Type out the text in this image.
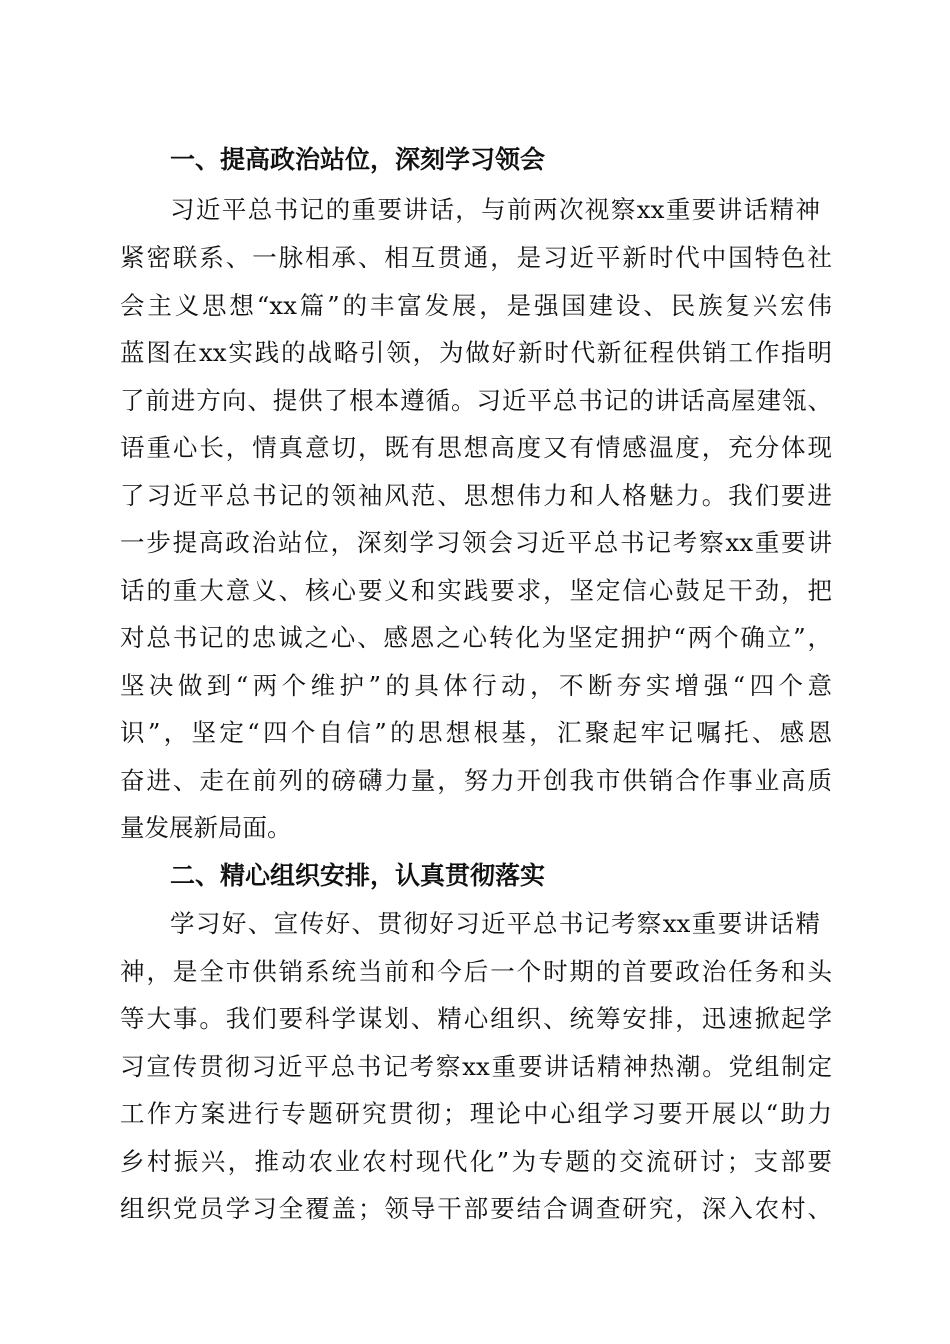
一、提高政治站位，深刻学习领会
习近平总书记的重要讲话，与前两次视察xx重要讲话精神
紧密联系、一脉相承、相互贯通，是习近平新时代中国特色社
会主义思想“xx篇”的丰富发展，是强国建设、民族复兴宏伟
蓝图在xx实践的战略引领，为做好新时代新征程供销工作指明
了前进方向、提供了根本遵循。习近平总书记的讲话高屋建瓴、
语重心长，情真意切，既有思想高度又有情感温度，充分体现
了习近平总书记的领袖风范、思想伟力和人格魅力。我们要进
一步提高政治站位，深刻学习领会习近平总书记考察xx重要讲
话的重大意义、核心要义和实践要求，坚定信心鼓足干劲，把
对总书记的忠诚之心、感恩之心转化为坚定拥护“两个确立”，
坚决做到“两个维护”的具体行动，不断夯实增强“四个意
识”，坚定“四个自信”的思想根基，汇聚起牢记嘱托、感恩
奋进、走在前列的磅礴力量，努力开创我市供销合作事业高质
量发展新局面。
二、精心组织安排，认真贯彻落实
学习好、宣传好、贯彻好习近平总书记考察xx重要讲话精
神，是全市供销系统当前和今后一个时期的首要政治任务和头
等大事。我们要科学谋划、精心组织、统筹安排，迅速掀起学
习宣传贯彻习近平总书记考察xx重要讲话精神热潮。党组制定
工作方案进行专题研究贯彻；理论中心组学习要开展以“助力
乡村振兴，推动农业农村现代化”为专题的交流研讨；支部要
组织党员学习全覆盖；领导干部要结合调查研究，深入农村、
